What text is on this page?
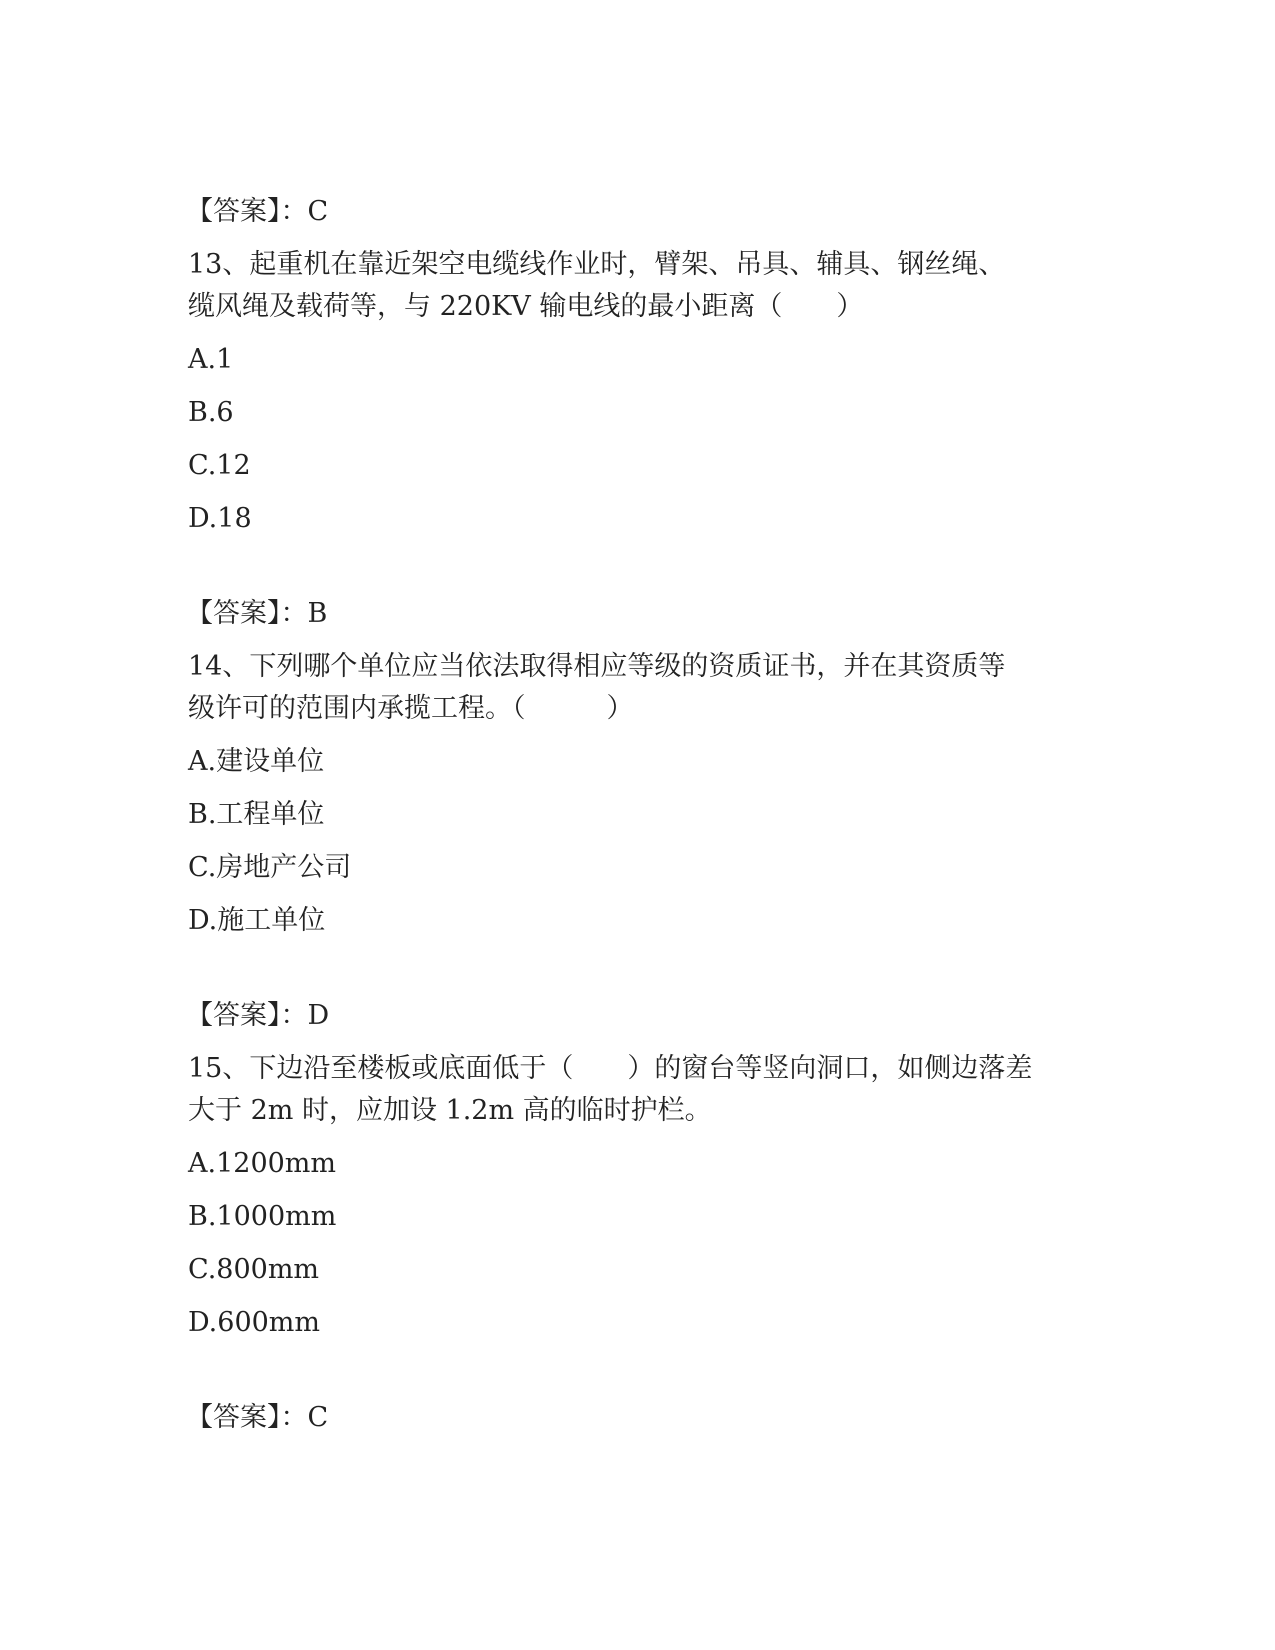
【答案】：C
13、起重机在靠近架空电缆线作业时，臂架、吊具、辅具、钢丝绳、
缆风绳及载荷等，与 220KV 输电线的最小距离（　　）
A.1
B.6
C.12
D.18
【答案】：B
14、下列哪个单位应当依法取得相应等级的资质证书，并在其资质等
级许可的范围内承揽工程。（　　　）
A.建设单位
B.工程单位
C.房地产公司
D.施工单位
【答案】：D
15、下边沿至楼板或底面低于（　　）的窗台等竖向洞口，如侧边落差
大于 2m 时，应加设 1.2m 高的临时护栏。
A.1200mm
B.1000mm
C.800mm
D.600mm
【答案】：C
